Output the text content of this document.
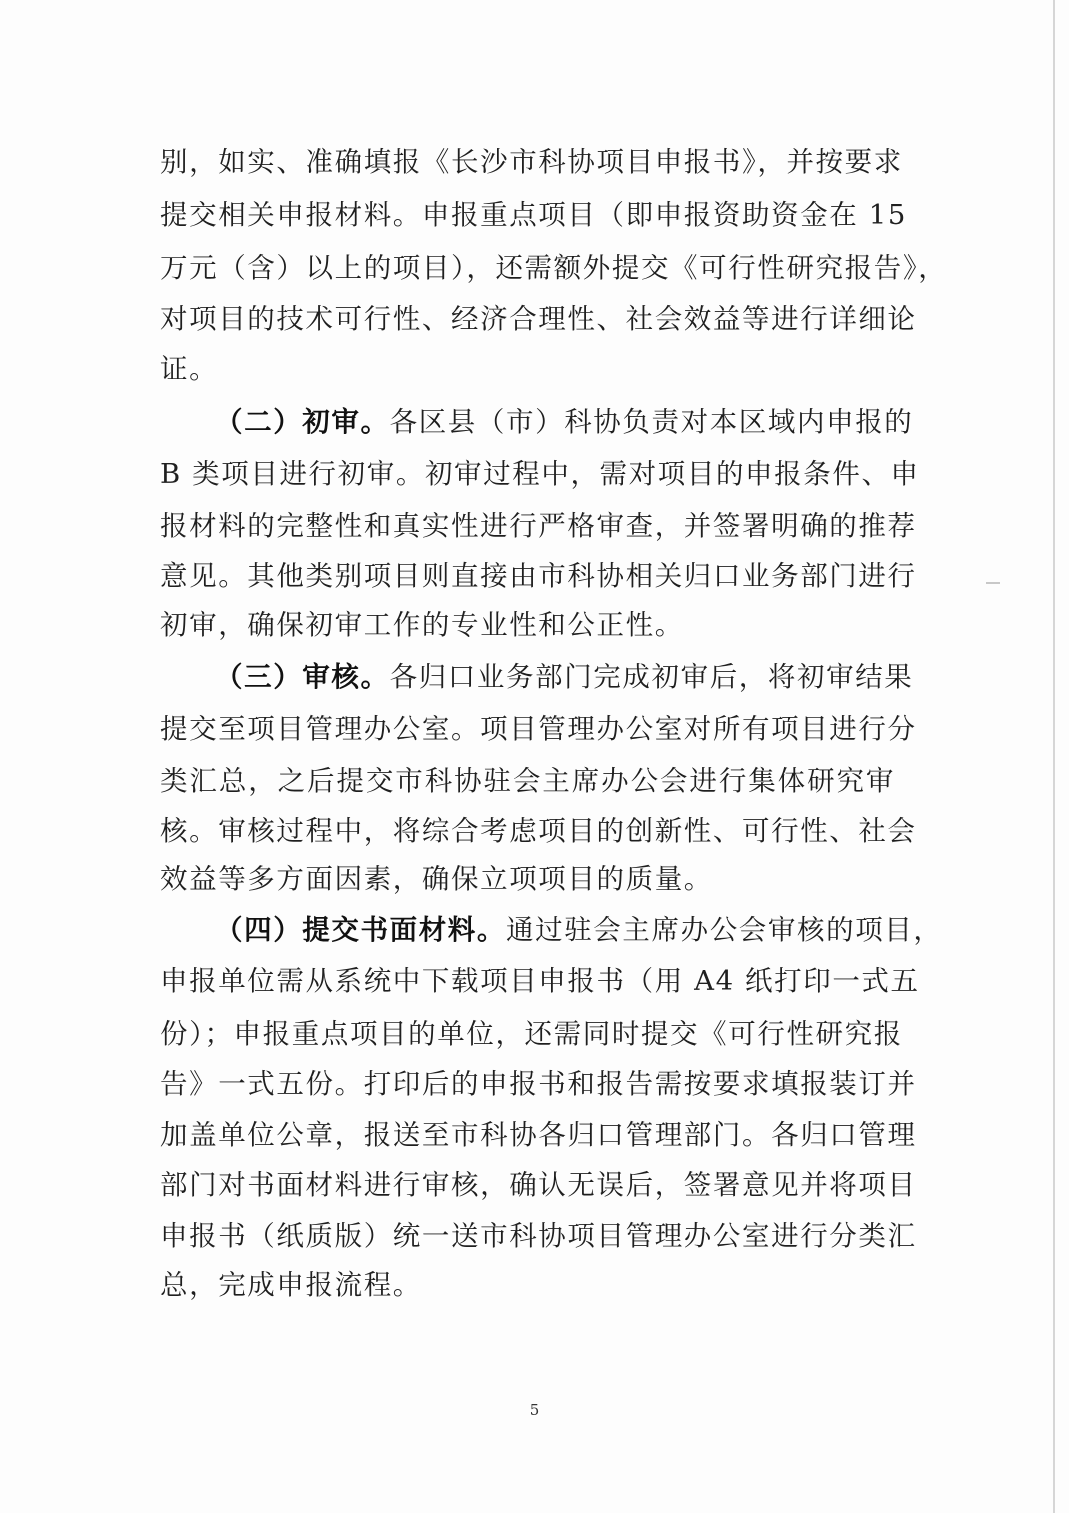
别，如实、准确填报《长沙市科协项目申报书》，并按要求

提交相关申报材料。申报重点项目（即申报资助资金在 15

万元（含）以上的项目），还需额外提交《可行性研究报告》，

对项目的技术可行性、经济合理性、社会效益等进行详细论

证。

（二）初审。各区县（市）科协负责对本区域内申报的

B 类项目进行初审。初审过程中，需对项目的申报条件、申

报材料的完整性和真实性进行严格审查，并签署明确的推荐

意见。其他类别项目则直接由市科协相关归口业务部门进行

初审，确保初审工作的专业性和公正性。

（三）审核。各归口业务部门完成初审后，将初审结果

提交至项目管理办公室。项目管理办公室对所有项目进行分

类汇总，之后提交市科协驻会主席办公会进行集体研究审

核。审核过程中，将综合考虑项目的创新性、可行性、社会

效益等多方面因素，确保立项项目的质量。

（四）提交书面材料。通过驻会主席办公会审核的项目，

申报单位需从系统中下载项目申报书（用 A4 纸打印一式五

份）；申报重点项目的单位，还需同时提交《可行性研究报

告》一式五份。打印后的申报书和报告需按要求填报装订并

加盖单位公章，报送至市科协各归口管理部门。各归口管理

部门对书面材料进行审核，确认无误后，签署意见并将项目

申报书（纸质版）统一送市科协项目管理办公室进行分类汇

总，完成申报流程。

5
